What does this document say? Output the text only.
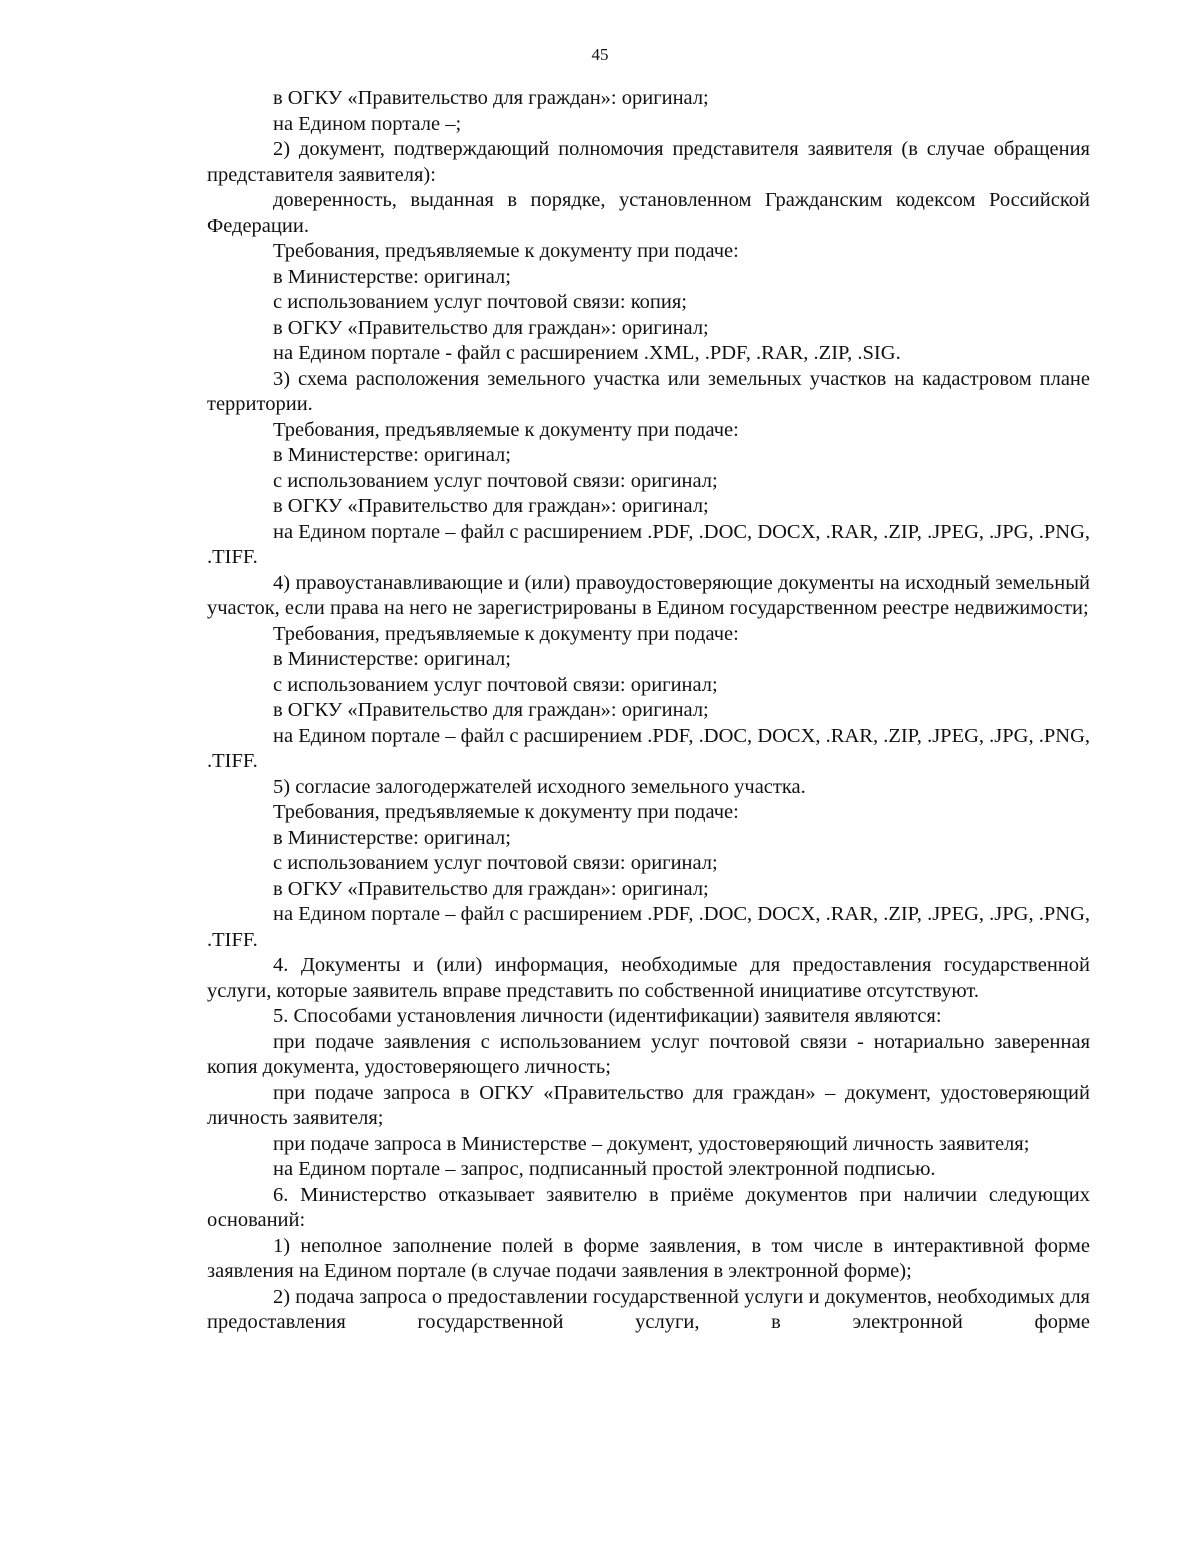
45

в ОГКУ «Правительство для граждан»: оригинал;

на Едином портале –;

2) документ, подтверждающий полномочия представителя заявителя (в случае обращения представителя заявителя):

доверенность, выданная в порядке, установленном Гражданским кодексом Российской Федерации.

Требования, предъявляемые к документу при подаче:

в Министерстве: оригинал;

с использованием услуг почтовой связи: копия;

в ОГКУ «Правительство для граждан»: оригинал;

на Едином портале - файл с расширением .XML, .PDF, .RAR, .ZIP, .SIG.

3) схема расположения земельного участка или земельных участков на кадастровом плане территории.

Требования, предъявляемые к документу при подаче:

в Министерстве: оригинал;

с использованием услуг почтовой связи: оригинал;

в ОГКУ «Правительство для граждан»: оригинал;

на Едином портале – файл с расширением .PDF, .DOC, DOCX, .RAR, .ZIP, .JPEG, .JPG, .PNG, .TIFF.

4) правоустанавливающие и (или) правоудостоверяющие документы на исходный земельный участок, если права на него не зарегистрированы в Едином государственном реестре недвижимости;

Требования, предъявляемые к документу при подаче:

в Министерстве: оригинал;

с использованием услуг почтовой связи: оригинал;

в ОГКУ «Правительство для граждан»: оригинал;

на Едином портале – файл с расширением .PDF, .DOC, DOCX, .RAR, .ZIP, .JPEG, .JPG, .PNG, .TIFF.

5) согласие залогодержателей исходного земельного участка.

Требования, предъявляемые к документу при подаче:

в Министерстве: оригинал;

с использованием услуг почтовой связи: оригинал;

в ОГКУ «Правительство для граждан»: оригинал;

на Едином портале – файл с расширением .PDF, .DOC, DOCX, .RAR, .ZIP, .JPEG, .JPG, .PNG, .TIFF.

4. Документы и (или) информация, необходимые для предоставления государственной услуги, которые заявитель вправе представить по собственной инициативе отсутствуют.

5. Способами установления личности (идентификации) заявителя являются:

при подаче заявления с использованием услуг почтовой связи - нотариально заверенная копия документа, удостоверяющего личность;

при подаче запроса в ОГКУ «Правительство для граждан» – документ, удостоверяющий личность заявителя;

при подаче запроса в Министерстве – документ, удостоверяющий личность заявителя;

на Едином портале – запрос, подписанный простой электронной подписью.

6. Министерство отказывает заявителю в приёме документов при наличии следующих оснований:

1) неполное заполнение полей в форме заявления, в том числе в интерактивной форме заявления на Едином портале (в случае подачи заявления в электронной форме);

2) подача запроса о предоставлении государственной услуги и документов, необходимых для предоставления государственной услуги, в электронной форме
